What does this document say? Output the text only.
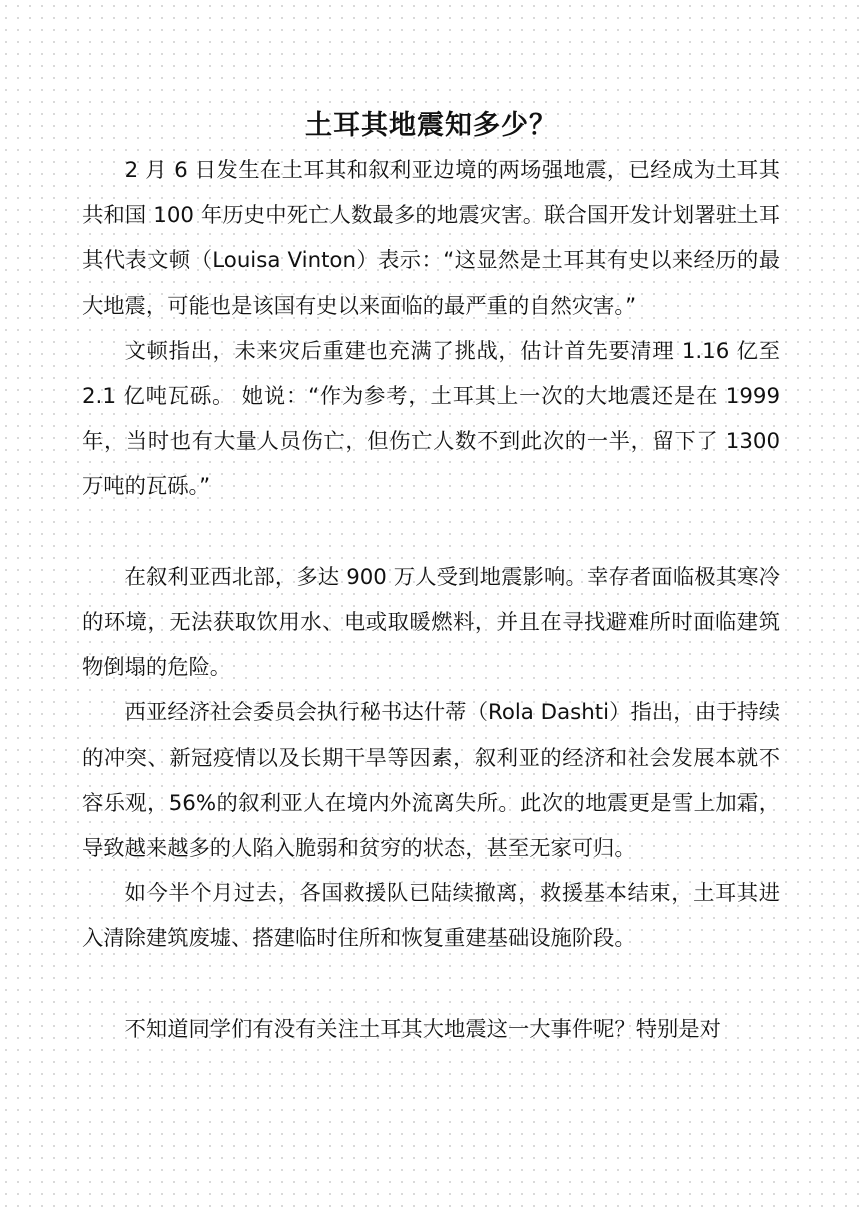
土耳其地震知多少？

2 月 6 日发生在土耳其和叙利亚边境的两场强地震，已经成为土耳其共和国 100 年历史中死亡人数最多的地震灾害。联合国开发计划署驻土耳其代表文顿（Louisa Vinton）表示：“这显然是土耳其有史以来经历的最大地震，可能也是该国有史以来面临的最严重的自然灾害。”

文顿指出，未来灾后重建也充满了挑战，估计首先要清理 1.16 亿至 2.1 亿吨瓦砾。 她说：“作为参考，土耳其上一次的大地震还是在 1999 年，当时也有大量人员伤亡，但伤亡人数不到此次的一半，留下了 1300 万吨的瓦砾。”

在叙利亚西北部，多达 900 万人受到地震影响。幸存者面临极其寒冷的环境，无法获取饮用水、电或取暖燃料，并且在寻找避难所时面临建筑物倒塌的危险。

西亚经济社会委员会执行秘书达什蒂（Rola Dashti）指出，由于持续的冲突、新冠疫情以及长期干旱等因素，叙利亚的经济和社会发展本就不容乐观，56%的叙利亚人在境内外流离失所。此次的地震更是雪上加霜，导致越来越多的人陷入脆弱和贫穷的状态，甚至无家可归。

如今半个月过去，各国救援队已陆续撤离，救援基本结束，土耳其进入清除建筑废墟、搭建临时住所和恢复重建基础设施阶段。

不知道同学们有没有关注土耳其大地震这一大事件呢？特别是对
